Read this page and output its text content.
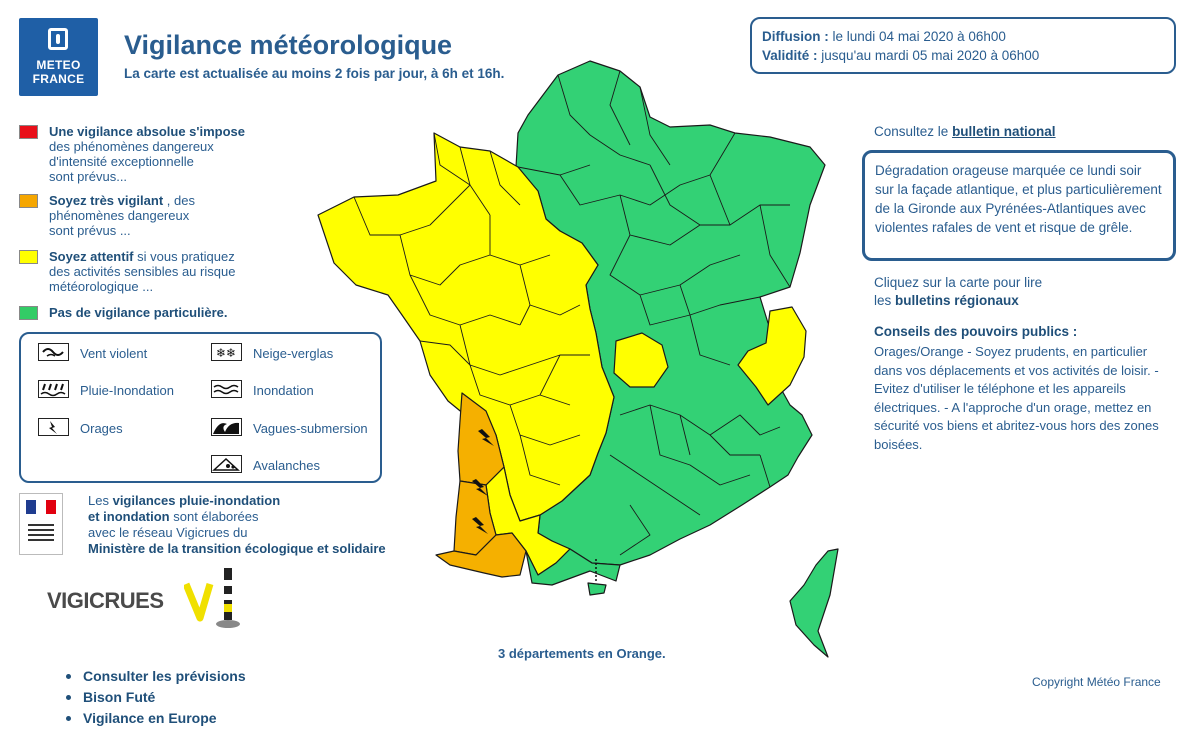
METEO
FRANCE
Vigilance météorologique
La carte est actualisée au moins 2 fois par jour, à 6h et 16h.
Diffusion : le lundi 04 mai 2020 à 06h00
Validité : jusqu'au mardi 05 mai 2020 à 06h00
Une vigilance absolue s'impose
des phénomènes dangereux
d'intensité exceptionnelle
sont prévus...
Soyez très vigilant , des
phénomènes dangereux
sont prévus ...
Soyez attentif si vous pratiquez
des activités sensibles au risque
météorologique ...
Pas de vigilance particulière.
Vent violent	❄❄ Neige-verglas
Pluie-Inondation	Inondation
Orages	Vagues-submersion
Avalanches
Les vigilances pluie-inondation
et inondation sont élaborées
avec le réseau Vigicrues du
Ministère de la transition écologique et solidaire
VIGICRUES
Consulter les prévisions
Bison Futé
Vigilance en Europe
3 départements en Orange.
Copyright Météo France
Consultez le bulletin national
Dégradation orageuse marquée ce lundi soir sur la façade atlantique, et plus particulièrement de la Gironde aux Pyrénées-Atlantiques avec violentes rafales de vent et risque de grêle.
Cliquez sur la carte pour lire
les bulletins régionaux
Conseils des pouvoirs publics :
Orages/Orange - Soyez prudents, en particulier dans vos déplacements et vos activités de loisir. - Evitez d'utiliser le téléphone et les appareils électriques. - A l'approche d'un orage, mettez en sécurité vos biens et abritez-vous hors des zones boisées.
